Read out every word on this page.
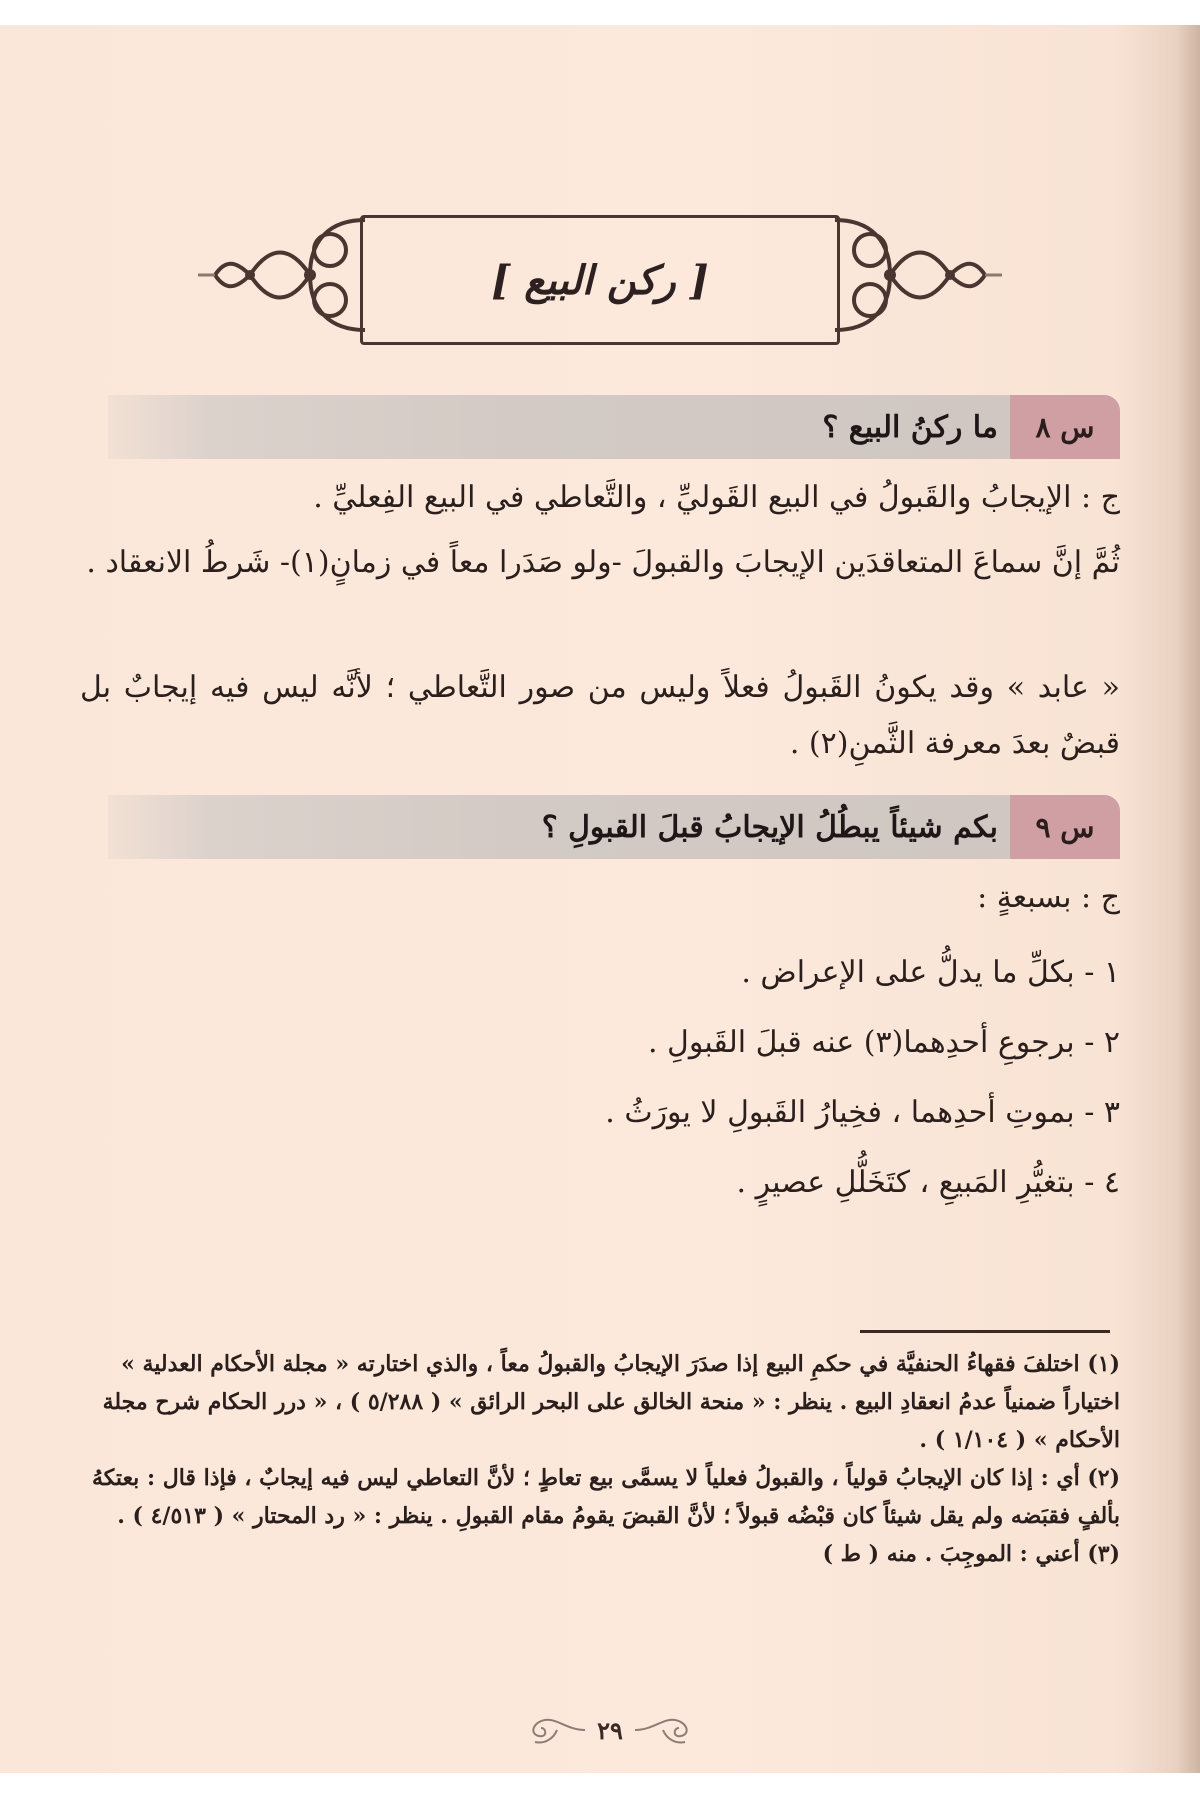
[ ركن البيع ]
س ٨
ما ركنُ البيع ؟
ج : الإيجابُ والقَبولُ في البيع القَوليِّ ، والتَّعاطي في البيع الفِعليِّ .
ثُمَّ إنَّ سماعَ المتعاقدَين الإيجابَ والقبولَ -ولو صَدَرا معاً في زمانٍ(١)- شَرطُ الانعقاد .
« عابد » وقد يكونُ القَبولُ فعلاً وليس من صور التَّعاطي ؛ لأنَّه ليس فيه إيجابٌ بل قبضٌ بعدَ معرفة الثَّمنِ(٢) .
س ٩
بكم شيئاً يبطُلُ الإيجابُ قبلَ القبولِ ؟
ج : بسبعةٍ :
١ - بكلِّ ما يدلُّ على الإعراض .
٢ - برجوعِ أحدِهما(٣) عنه قبلَ القَبولِ .
٣ - بموتِ أحدِهما ، فخِيارُ القَبولِ لا يورَثُ .
٤ - بتغيُّرِ المَبيعِ ، كتَخَلُّلِ عصيرٍ .

(١) اختلفَ فقهاءُ الحنفيَّة في حكمِ البيع إذا صدَرَ الإيجابُ والقبولُ معاً ، والذي اختارته « مجلة الأحكام العدلية » اختياراً ضمنياً عدمُ انعقادِ البيع . ينظر : « منحة الخالق على البحر الرائق » ( ٥/٢٨٨ ) ، « درر الحكام شرح مجلة الأحكام » ( ١/١٠٤ ) .

(٢) أي : إذا كان الإيجابُ قولياً ، والقبولُ فعلياً لا يسمَّى بيع تعاطٍ ؛ لأنَّ التعاطي ليس فيه إيجابٌ ، فإذا قال : بعتكهُ بألفٍ فقبَضه ولم يقل شيئاً كان قبْضُه قبولاً ؛ لأنَّ القبضَ يقومُ مقام القبولِ . ينظر : « رد المحتار » ( ٤/٥١٣ ) .

(٣) أعني : الموجِبَ . منه ( ط )

٢٩
